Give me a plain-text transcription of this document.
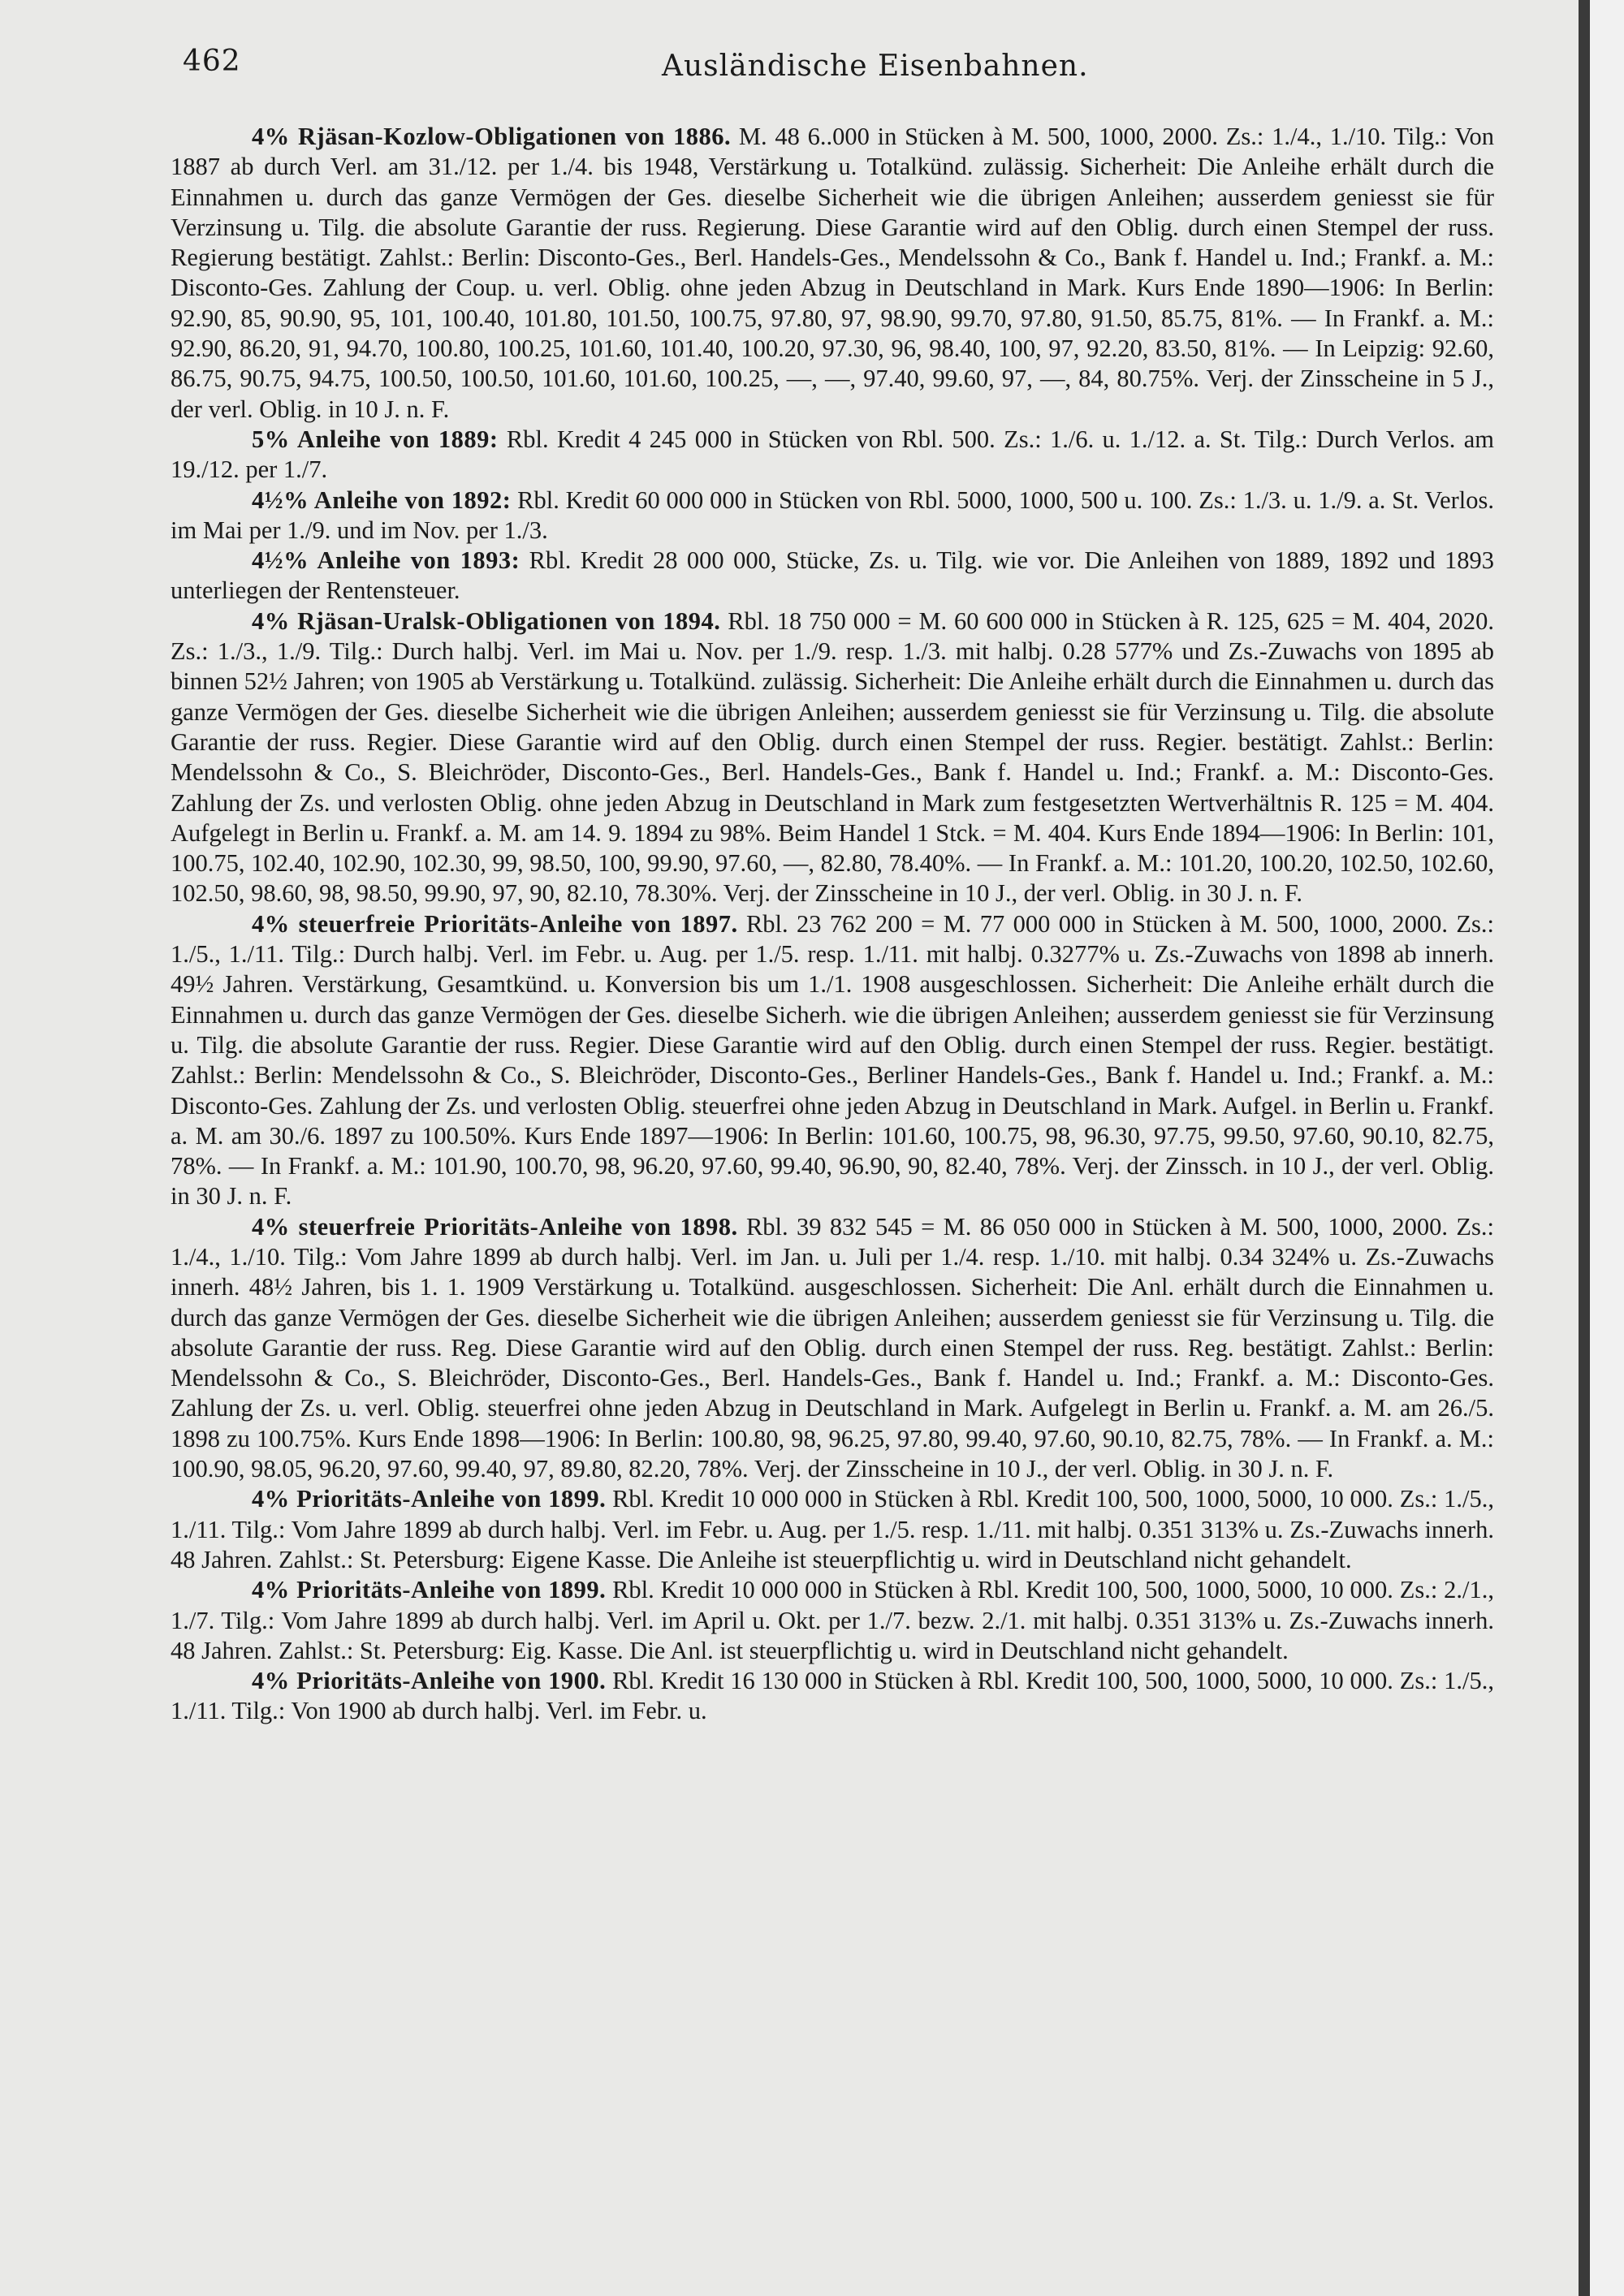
462	Ausländische Eisenbahnen.

4% Rjäsan-Kozlow-Obligationen von 1886. M. 48 6..000 in Stücken à M. 500, 1000, 2000. Zs.: 1./4., 1./10. Tilg.: Von 1887 ab durch Verl. am 31./12. per 1./4. bis 1948, Verstärkung u. Totalkünd. zulässig. Sicherheit: Die Anleihe erhält durch die Einnahmen u. durch das ganze Vermögen der Ges. dieselbe Sicherheit wie die übrigen Anleihen; ausserdem geniesst sie für Verzinsung u. Tilg. die absolute Garantie der russ. Regierung. Diese Garantie wird auf den Oblig. durch einen Stempel der russ. Regierung bestätigt. Zahlst.: Berlin: Disconto-Ges., Berl. Handels-Ges., Mendelssohn & Co., Bank f. Handel u. Ind.; Frankf. a. M.: Disconto-Ges. Zahlung der Coup. u. verl. Oblig. ohne jeden Abzug in Deutschland in Mark. Kurs Ende 1890—1906: In Berlin: 92.90, 85, 90.90, 95, 101, 100.40, 101.80, 101.50, 100.75, 97.80, 97, 98.90, 99.70, 97.80, 91.50, 85.75, 81%. — In Frankf. a. M.: 92.90, 86.20, 91, 94.70, 100.80, 100.25, 101.60, 101.40, 100.20, 97.30, 96, 98.40, 100, 97, 92.20, 83.50, 81%. — In Leipzig: 92.60, 86.75, 90.75, 94.75, 100.50, 100.50, 101.60, 101.60, 100.25, —, —, 97.40, 99.60, 97, —, 84, 80.75%. Verj. der Zinsscheine in 5 J., der verl. Oblig. in 10 J. n. F.

5% Anleihe von 1889: Rbl. Kredit 4 245 000 in Stücken von Rbl. 500. Zs.: 1./6. u. 1./12. a. St. Tilg.: Durch Verlos. am 19./12. per 1./7.

4½% Anleihe von 1892: Rbl. Kredit 60 000 000 in Stücken von Rbl. 5000, 1000, 500 u. 100. Zs.: 1./3. u. 1./9. a. St. Verlos. im Mai per 1./9. und im Nov. per 1./3.

4½% Anleihe von 1893: Rbl. Kredit 28 000 000, Stücke, Zs. u. Tilg. wie vor. Die Anleihen von 1889, 1892 und 1893 unterliegen der Rentensteuer.

4% Rjäsan-Uralsk-Obligationen von 1894. Rbl. 18 750 000 = M. 60 600 000 in Stücken à R. 125, 625 = M. 404, 2020. Zs.: 1./3., 1./9. Tilg.: Durch halbj. Verl. im Mai u. Nov. per 1./9. resp. 1./3. mit halbj. 0.28 577% und Zs.-Zuwachs von 1895 ab binnen 52½ Jahren; von 1905 ab Verstärkung u. Totalkünd. zulässig. Sicherheit: Die Anleihe erhält durch die Einnahmen u. durch das ganze Vermögen der Ges. dieselbe Sicherheit wie die übrigen Anleihen; ausserdem geniesst sie für Verzinsung u. Tilg. die absolute Garantie der russ. Regier. Diese Garantie wird auf den Oblig. durch einen Stempel der russ. Regier. bestätigt. Zahlst.: Berlin: Mendelssohn & Co., S. Bleichröder, Disconto-Ges., Berl. Handels-Ges., Bank f. Handel u. Ind.; Frankf. a. M.: Disconto-Ges. Zahlung der Zs. und verlosten Oblig. ohne jeden Abzug in Deutschland in Mark zum festgesetzten Wertverhältnis R. 125 = M. 404. Aufgelegt in Berlin u. Frankf. a. M. am 14. 9. 1894 zu 98%. Beim Handel 1 Stck. = M. 404. Kurs Ende 1894—1906: In Berlin: 101, 100.75, 102.40, 102.90, 102.30, 99, 98.50, 100, 99.90, 97.60, —, 82.80, 78.40%. — In Frankf. a. M.: 101.20, 100.20, 102.50, 102.60, 102.50, 98.60, 98, 98.50, 99.90, 97, 90, 82.10, 78.30%. Verj. der Zinsscheine in 10 J., der verl. Oblig. in 30 J. n. F.

4% steuerfreie Prioritäts-Anleihe von 1897. Rbl. 23 762 200 = M. 77 000 000 in Stücken à M. 500, 1000, 2000. Zs.: 1./5., 1./11. Tilg.: Durch halbj. Verl. im Febr. u. Aug. per 1./5. resp. 1./11. mit halbj. 0.3277% u. Zs.-Zuwachs von 1898 ab innerh. 49½ Jahren. Verstärkung, Gesamtkünd. u. Konversion bis um 1./1. 1908 ausgeschlossen. Sicherheit: Die Anleihe erhält durch die Einnahmen u. durch das ganze Vermögen der Ges. dieselbe Sicherh. wie die übrigen Anleihen; ausserdem geniesst sie für Verzinsung u. Tilg. die absolute Garantie der russ. Regier. Diese Garantie wird auf den Oblig. durch einen Stempel der russ. Regier. bestätigt. Zahlst.: Berlin: Mendelssohn & Co., S. Bleichröder, Disconto-Ges., Berliner Handels-Ges., Bank f. Handel u. Ind.; Frankf. a. M.: Disconto-Ges. Zahlung der Zs. und verlosten Oblig. steuerfrei ohne jeden Abzug in Deutschland in Mark. Aufgel. in Berlin u. Frankf. a. M. am 30./6. 1897 zu 100.50%. Kurs Ende 1897—1906: In Berlin: 101.60, 100.75, 98, 96.30, 97.75, 99.50, 97.60, 90.10, 82.75, 78%. — In Frankf. a. M.: 101.90, 100.70, 98, 96.20, 97.60, 99.40, 96.90, 90, 82.40, 78%. Verj. der Zinssch. in 10 J., der verl. Oblig. in 30 J. n. F.

4% steuerfreie Prioritäts-Anleihe von 1898. Rbl. 39 832 545 = M. 86 050 000 in Stücken à M. 500, 1000, 2000. Zs.: 1./4., 1./10. Tilg.: Vom Jahre 1899 ab durch halbj. Verl. im Jan. u. Juli per 1./4. resp. 1./10. mit halbj. 0.34 324% u. Zs.-Zuwachs innerh. 48½ Jahren, bis 1. 1. 1909 Verstärkung u. Totalkünd. ausgeschlossen. Sicherheit: Die Anl. erhält durch die Einnahmen u. durch das ganze Vermögen der Ges. dieselbe Sicherheit wie die übrigen Anleihen; ausserdem geniesst sie für Verzinsung u. Tilg. die absolute Garantie der russ. Reg. Diese Garantie wird auf den Oblig. durch einen Stempel der russ. Reg. bestätigt. Zahlst.: Berlin: Mendelssohn & Co., S. Bleichröder, Disconto-Ges., Berl. Handels-Ges., Bank f. Handel u. Ind.; Frankf. a. M.: Disconto-Ges. Zahlung der Zs. u. verl. Oblig. steuerfrei ohne jeden Abzug in Deutschland in Mark. Aufgelegt in Berlin u. Frankf. a. M. am 26./5. 1898 zu 100.75%. Kurs Ende 1898—1906: In Berlin: 100.80, 98, 96.25, 97.80, 99.40, 97.60, 90.10, 82.75, 78%. — In Frankf. a. M.: 100.90, 98.05, 96.20, 97.60, 99.40, 97, 89.80, 82.20, 78%. Verj. der Zinsscheine in 10 J., der verl. Oblig. in 30 J. n. F.

4% Prioritäts-Anleihe von 1899. Rbl. Kredit 10 000 000 in Stücken à Rbl. Kredit 100, 500, 1000, 5000, 10 000. Zs.: 1./5., 1./11. Tilg.: Vom Jahre 1899 ab durch halbj. Verl. im Febr. u. Aug. per 1./5. resp. 1./11. mit halbj. 0.351 313% u. Zs.-Zuwachs innerh. 48 Jahren. Zahlst.: St. Petersburg: Eigene Kasse. Die Anleihe ist steuerpflichtig u. wird in Deutschland nicht gehandelt.

4% Prioritäts-Anleihe von 1899. Rbl. Kredit 10 000 000 in Stücken à Rbl. Kredit 100, 500, 1000, 5000, 10 000. Zs.: 2./1., 1./7. Tilg.: Vom Jahre 1899 ab durch halbj. Verl. im April u. Okt. per 1./7. bezw. 2./1. mit halbj. 0.351 313% u. Zs.-Zuwachs innerh. 48 Jahren. Zahlst.: St. Petersburg: Eig. Kasse. Die Anl. ist steuerpflichtig u. wird in Deutschland nicht gehandelt.

4% Prioritäts-Anleihe von 1900. Rbl. Kredit 16 130 000 in Stücken à Rbl. Kredit 100, 500, 1000, 5000, 10 000. Zs.: 1./5., 1./11. Tilg.: Von 1900 ab durch halbj. Verl. im Febr. u.
